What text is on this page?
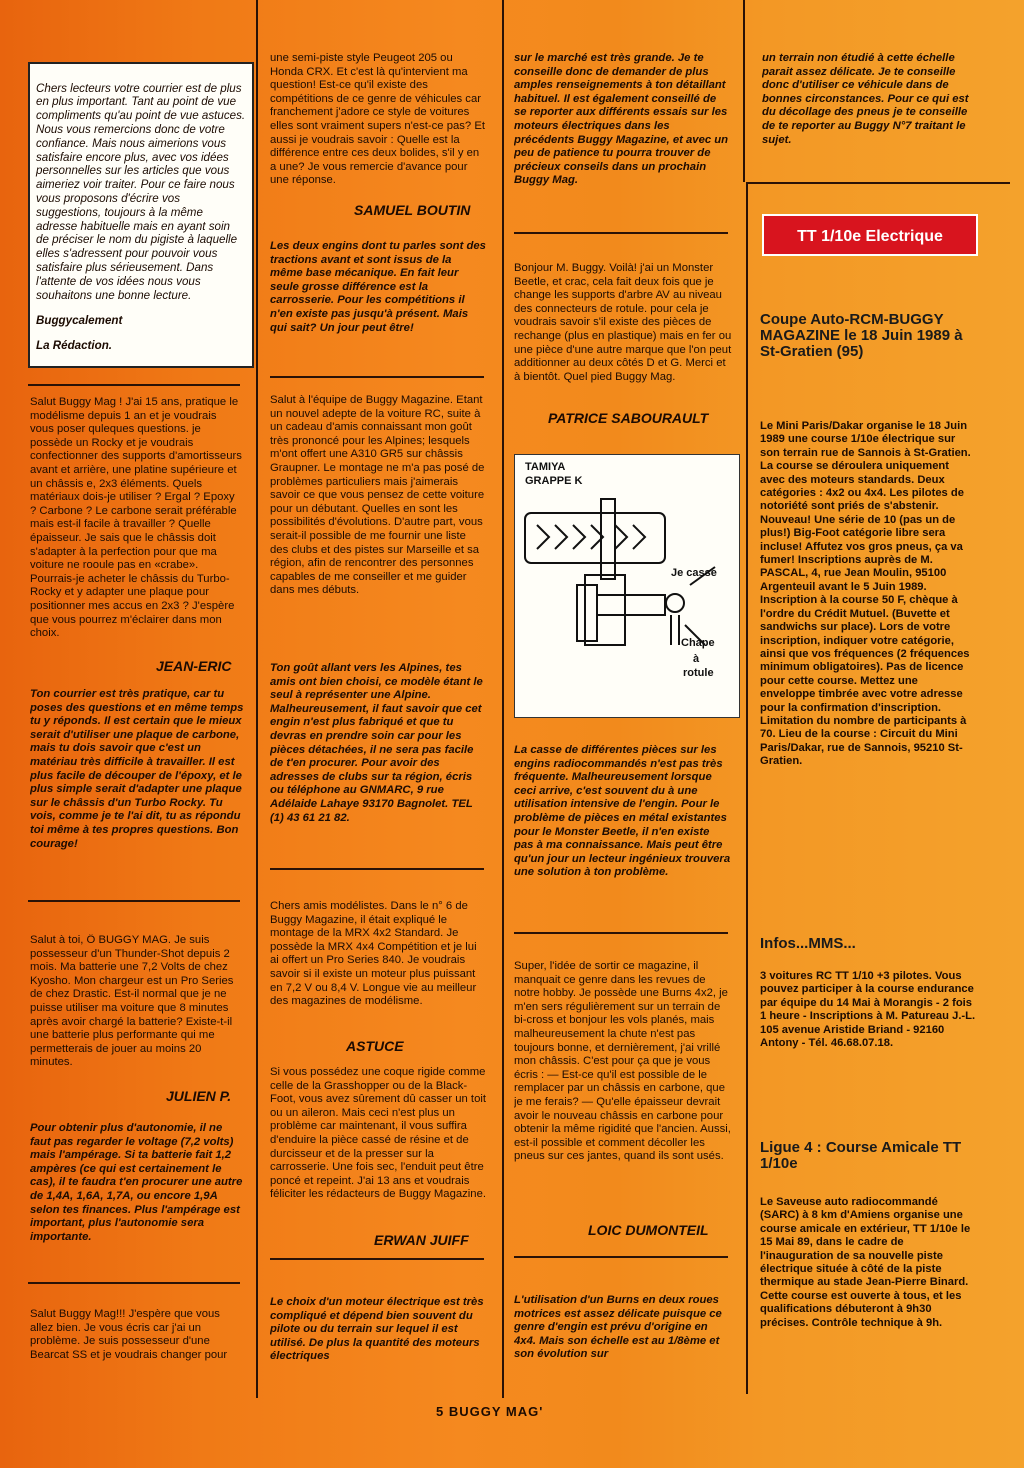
Chers lecteurs votre courrier est de plus en plus important. Tant au point de vue compliments qu'au point de vue astuces. Nous vous remercions donc de votre confiance. Mais nous aimerions vous satisfaire encore plus, avec vos idées personnelles sur les articles que vous aimeriez voir traiter. Pour ce faire nous vous proposons d'écrire vos suggestions, toujours à la même adresse habituelle mais en ayant soin de préciser le nom du pigiste à laquelle elles s'adressent pour pouvoir vous satisfaire plus sérieusement. Dans l'attente de vos idées nous vous souhaitons une bonne lecture.

Buggycalement

La Rédaction.

Salut Buggy Mag ! J'ai 15 ans, pratique le modélisme depuis 1 an et je voudrais vous poser quleques questions. je possède un Rocky et je voudrais confectionner des supports d'amortisseurs avant et arrière, une platine supérieure et un châssis e, 2x3 éléments. Quels matériaux dois-je utiliser ? Ergal ? Epoxy ? Carbone ? Le carbone serait préférable mais est-il facile à travailler ? Quelle épaisseur. Je sais que le châssis doit s'adapter à la perfection pour que ma voiture ne rooule pas en «crabe». Pourrais-je acheter le châssis du Turbo-Rocky et y adapter une plaque pour positionner mes accus en 2x3 ? J'espère que vous pourrez m'éclairer dans mon choix.
JEAN-ERIC
Ton courrier est très pratique, car tu poses des questions et en même temps tu y réponds. Il est certain que le mieux serait d'utiliser une plaque de carbone, mais tu dois savoir que c'est un matériau très difficile à travailler. Il est plus facile de découper de l'époxy, et le plus simple serait d'adapter une plaque sur le châssis d'un Turbo Rocky. Tu vois, comme je te l'ai dit, tu as répondu toi même à tes propres questions. Bon courage!
Salut à toi, Ô BUGGY MAG. Je suis possesseur d'un Thunder-Shot depuis 2 mois. Ma batterie une 7,2 Volts de chez Kyosho. Mon chargeur est un Pro Series de chez Drastic. Est-il normal que je ne puisse utiliser ma voiture que 8 minutes après avoir chargé la batterie? Existe-t-il une batterie plus performante qui me permetterais de jouer au moins 20 minutes.
JULIEN P.
Pour obtenir plus d'autonomie, il ne faut pas regarder le voltage (7,2 volts) mais l'ampérage. Si ta batterie fait 1,2 ampères (ce qui est certainement le cas), il te faudra t'en procurer une autre de 1,4A, 1,6A, 1,7A, ou encore 1,9A selon tes finances. Plus l'ampérage est important, plus l'autonomie sera importante.
Salut Buggy Mag!!! J'espère que vous allez bien. Je vous écris car j'ai un problème. Je suis possesseur d'une Bearcat SS et je voudrais changer pour
une semi-piste style Peugeot 205 ou Honda CRX. Et c'est là qu'intervient ma question! Est-ce qu'il existe des compétitions de ce genre de véhicules car franchement j'adore ce style de voitures elles sont vraiment supers n'est-ce pas? Et aussi je voudrais savoir : Quelle est la différence entre ces deux bolides, s'il y en a une? Je vous remercie d'avance pour une réponse.
SAMUEL BOUTIN
Les deux engins dont tu parles sont des tractions avant et sont issus de la même base mécanique. En fait leur seule grosse différence est la carrosserie. Pour les compétitions il n'en existe pas jusqu'à présent. Mais qui sait? Un jour peut être!
Salut à l'équipe de Buggy Magazine. Etant un nouvel adepte de la voiture RC, suite à un cadeau d'amis connaissant mon goût très prononcé pour les Alpines; lesquels m'ont offert une A310 GR5 sur châssis Graupner. Le montage ne m'a pas posé de problèmes particuliers mais j'aimerais savoir ce que vous pensez de cette voiture pour un débutant. Quelles en sont les possibilités d'évolutions. D'autre part, vous serait-il possible de me fournir une liste des clubs et des pistes sur Marseille et sa région, afin de rencontrer des personnes capables de me conseiller et me guider dans mes débuts.
Ton goût allant vers les Alpines, tes amis ont bien choisi, ce modèle étant le seul à représenter une Alpine. Malheureusement, il faut savoir que cet engin n'est plus fabriqué et que tu devras en prendre soin car pour les pièces détachées, il ne sera pas facile de t'en procurer. Pour avoir des adresses de clubs sur ta région, écris ou téléphone au GNMARC, 9 rue Adélaide Lahaye 93170 Bagnolet. TEL (1) 43 61 21 82.
Chers amis modélistes. Dans le n° 6 de Buggy Magazine, il était expliqué le montage de la MRX 4x2 Standard. Je possède la MRX 4x4 Compétition et je lui ai offert un Pro Series 840. Je voudrais savoir si il existe un moteur plus puissant en 7,2 V ou 8,4 V. Longue vie au meilleur des magazines de modélisme.
ASTUCE
Si vous possédez une coque rigide comme celle de la Grasshopper ou de la Black-Foot, vous avez sûrement dû casser un toit ou un aileron. Mais ceci n'est plus un problème car maintenant, il vous suffira d'enduire la pièce cassé de résine et de durcisseur et de la presser sur la carrosserie. Une fois sec, l'enduit peut être poncé et repeint. J'ai 13 ans et voudrais féliciter les rédacteurs de Buggy Magazine.
ERWAN JUIFF
Le choix d'un moteur électrique est très compliqué et dépend bien souvent du pilote ou du terrain sur lequel il est utilisé. De plus la quantité des moteurs électriques
sur le marché est très grande. Je te conseille donc de demander de plus amples renseignements à ton détaillant habituel. Il est également conseillé de se reporter aux différents essais sur les moteurs électriques dans les précédents Buggy Magazine, et avec un peu de patience tu pourra trouver de précieux conseils dans un prochain Buggy Mag.
Bonjour M. Buggy. Voilà! j'ai un Monster Beetle, et crac, cela fait deux fois que je change les supports d'arbre AV au niveau des connecteurs de rotule. pour cela je voudrais savoir s'il existe des pièces de rechange (plus en plastique) mais en fer ou une pièce d'une autre marque que l'on peut additionner au deux côtés D et G. Merci et à bientôt. Quel pied Buggy Mag.
PATRICE SABOURAULT
TAMIYA
GRAPPE K
Je casse
Chape
à
rotule
La casse de différentes pièces sur les engins radiocommandés n'est pas très fréquente. Malheureusement lorsque ceci arrive, c'est souvent du à une utilisation intensive de l'engin. Pour le problème de pièces en métal existantes pour le Monster Beetle, il n'en existe pas à ma connaissance. Mais peut être qu'un jour un lecteur ingénieux trouvera une solution à ton problème.
Super, l'idée de sortir ce magazine, il manquait ce genre dans les revues de notre hobby. Je possède une Burns 4x2, je m'en sers régulièrement sur un terrain de bi-cross et bonjour les vols planés, mais malheureusement la chute n'est pas toujours bonne, et dernièrement, j'ai vrillé mon châssis. C'est pour ça que je vous écris : — Est-ce qu'il est possible de le remplacer par un châssis en carbone, que je me ferais? — Qu'elle épaisseur devrait avoir le nouveau châssis en carbone pour obtenir la même rigidité que l'ancien. Aussi, est-il possible et comment décoller les pneus sur ces jantes, quand ils sont usés.
LOIC DUMONTEIL
L'utilisation d'un Burns en deux roues motrices est assez délicate puisque ce genre d'engin est prévu d'origine en 4x4. Mais son échelle est au 1/8ème et son évolution sur
un terrain non étudié à cette échelle parait assez délicate. Je te conseille donc d'utiliser ce véhicule dans de bonnes circonstances. Pour ce qui est du décollage des pneus je te conseille de te reporter au Buggy N°7 traitant le sujet.
TT 1/10e Electrique
Coupe Auto-RCM-BUGGY MAGAZINE le 18 Juin 1989 à St-Gratien (95)
Le Mini Paris/Dakar organise le 18 Juin 1989 une course 1/10e électrique sur son terrain rue de Sannois à St-Gratien. La course se déroulera uniquement avec des moteurs standards. Deux catégories : 4x2 ou 4x4. Les pilotes de notoriété sont priés de s'abstenir. Nouveau! Une série de 10 (pas un de plus!) Big-Foot catégorie libre sera incluse! Affutez vos gros pneus, ça va fumer! Inscriptions auprès de M. PASCAL, 4, rue Jean Moulin, 95100 Argenteuil avant le 5 Juin 1989. Inscription à la course 50 F, chèque à l'ordre du Crédit Mutuel. (Buvette et sandwichs sur place). Lors de votre inscription, indiquer votre catégorie, ainsi que vos fréquences (2 fréquences minimum obligatoires). Pas de licence pour cette course. Mettez une enveloppe timbrée avec votre adresse pour la confirmation d'inscription. Limitation du nombre de participants à 70. Lieu de la course : Circuit du Mini Paris/Dakar, rue de Sannois, 95210 St-Gratien.
Infos...MMS...
3 voitures RC TT 1/10 +3 pilotes. Vous pouvez participer à la course endurance par équipe du 14 Mai à Morangis - 2 fois 1 heure - Inscriptions à M. Patureau J.-L. 105 avenue Aristide Briand - 92160 Antony - Tél. 46.68.07.18.
Ligue 4 : Course Amicale TT 1/10e
Le Saveuse auto radiocommandé (SARC) à 8 km d'Amiens organise une course amicale en extérieur, TT 1/10e le 15 Mai 89, dans le cadre de l'inauguration de sa nouvelle piste électrique située à côté de la piste thermique au stade Jean-Pierre Binard. Cette course est ouverte à tous, et les qualifications débuteront à 9h30 précises. Contrôle technique à 9h.
5 BUGGY MAG'
